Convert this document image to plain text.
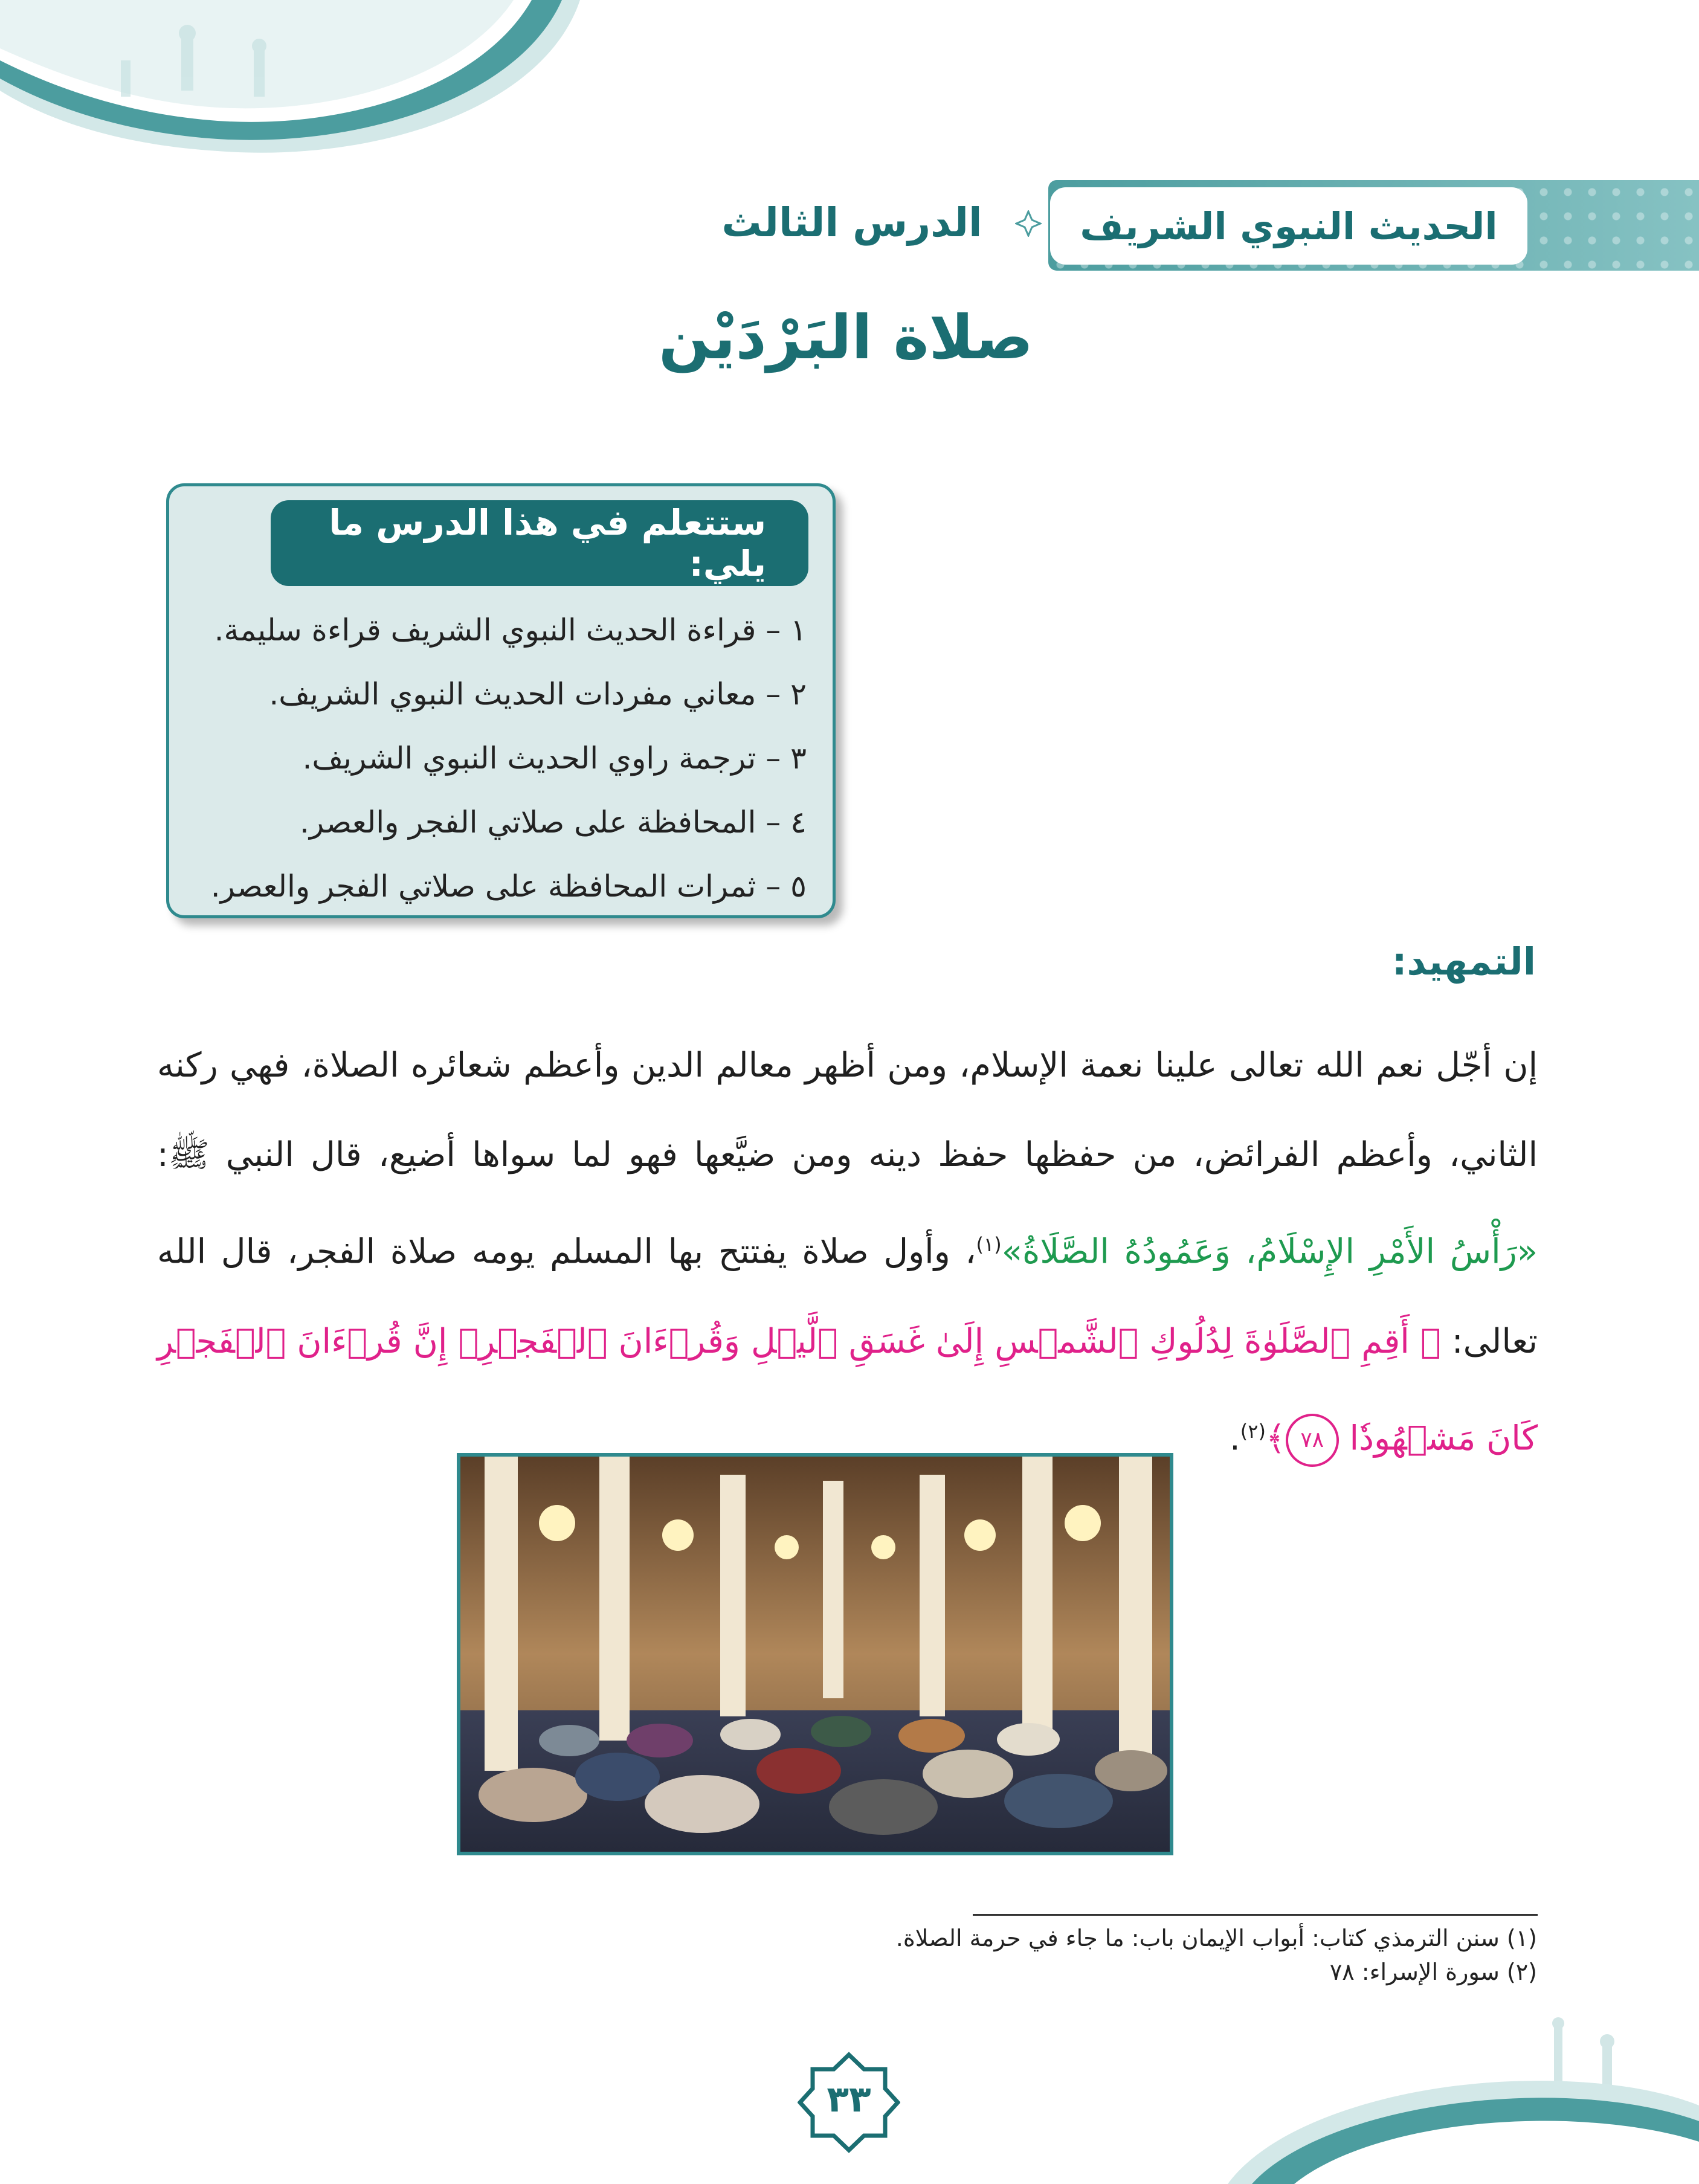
الحديث النبوي الشريف
الدرس الثالث
صلاة البَرْدَيْن
ستتعلم في هذا الدرس ما يلي:
١ – قراءة الحديث النبوي الشريف قراءة سليمة.
٢ – معاني مفردات الحديث النبوي الشريف.
٣ – ترجمة راوي الحديث النبوي الشريف.
٤ – المحافظة على صلاتي الفجر والعصر.
٥ – ثمرات المحافظة على صلاتي الفجر والعصر.
التمهيد:

إن أجّل نعم الله تعالى علينا نعمة الإسلام، ومن أظهر معالم الدين وأعظم شعائره الصلاة، فهي ركنه الثاني، وأعظم الفرائض، من حفظها حفظ دينه ومن ضيَّعها فهو لما سواها أضيع، قال النبي ﷺ: «رَأْسُ الأَمْرِ الإِسْلَامُ، وَعَمُودُهُ الصَّلَاةُ»$^{(١)}$، وأول صلاة يفتتح بها المسلم يومه صلاة الفجر، قال الله تعالى: ﴿ أَقِمِ ٱلصَّلَوٰةَ لِدُلُوكِ ٱلشَّمۡسِ إِلَىٰ غَسَقِ ٱلَّيۡلِ وَقُرۡءَانَ ٱلۡفَجۡرِۖ إِنَّ قُرۡءَانَ ٱلۡفَجۡرِ كَانَ مَشۡهُودٗا ٧٨﴾$^{(٢)}$.

(١) سنن الترمذي كتاب: أبواب الإيمان باب: ما جاء في حرمة الصلاة.
(٢) سورة الإسراء: ٧٨
٣٣
